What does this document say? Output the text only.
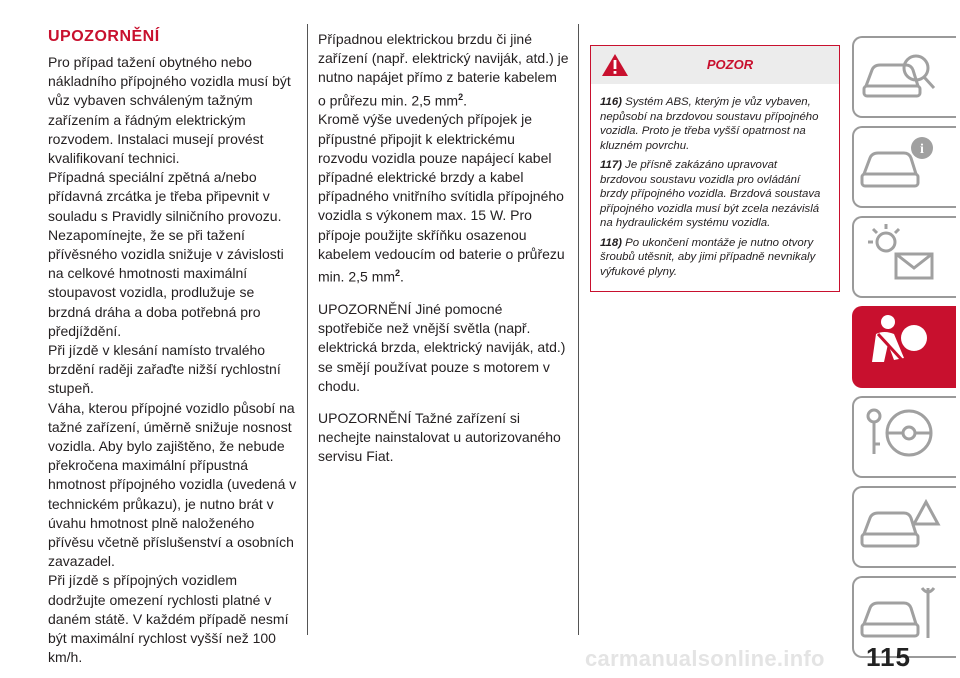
UPOZORNĚNÍ

Pro případ tažení obytného nebo

nákladního přípojného vozidla musí být

vůz vybaven schváleným tažným

zařízením a řádným elektrickým

rozvodem. Instalaci musejí provést

kvalifikovaní technici.

Případná speciální zpětná a/nebo

přídavná zrcátka je třeba připevnit v

souladu s Pravidly silničního provozu.

Nezapomínejte, že se při tažení

přívěsného vozidla snižuje v závislosti

na celkové hmotnosti maximální

stoupavost vozidla, prodlužuje se

brzdná dráha a doba potřebná pro

předjíždění.

Při jízdě v klesání namísto trvalého

brzdění raději zařaďte nižší rychlostní

stupeň.

Váha, kterou přípojné vozidlo působí na

tažné zařízení, úměrně snižuje nosnost

vozidla. Aby bylo zajištěno, že nebude

překročena maximální přípustná

hmotnost přípojného vozidla (uvedená v

technickém průkazu), je nutno brát v

úvahu hmotnost plně naloženého

přívěsu včetně příslušenství a osobních

zavazadel.

Při jízdě s přípojných vozidlem

dodržujte omezení rychlosti platné v

daném státě. V každém případě nesmí

být maximální rychlost vyšší než 100

km/h.

Případnou elektrickou brzdu či jiné
zařízení (např. elektrický naviják, atd.) je
nutno napájet přímo z baterie kabelem
o průřezu min. 2,5 $mm^2$.
Kromě výše uvedených přípojek je
přípustné připojit k elektrickému
rozvodu vozidla pouze napájecí kabel
případné elektrické brzdy a kabel
případného vnitřního svítidla přípojného
vozidla s výkonem max. 15 W. Pro
přípoje použijte skříňku osazenou
kabelem vedoucím od baterie o průřezu
min. 2,5 $mm^2$.

UPOZORNĚNÍ Jiné pomocné
spotřebiče než vnější světla (např.
elektrická brzda, elektrický naviják, atd.)
se smějí používat pouze s motorem v
chodu.

UPOZORNĚNÍ Tažné zařízení si
nechejte nainstalovat u autorizovaného
servisu Fiat.

POZOR

116) Systém ABS, kterým je vůz vybaven,
nepůsobí na brzdovou soustavu přípojného
vozidla. Proto je třeba vyšší opatrnost na
kluzném povrchu.

117) Je přísně zakázáno upravovat
brzdovou soustavu vozidla pro ovládání
brzdy přípojného vozidla. Brzdová soustava
přípojného vozidla musí být zcela nezávislá
na hydraulickém systému vozidla.

118) Po ukončení montáže je nutno otvory
šroubů utěsnit, aby jimi případně nevnikaly
výfukové plyny.

i
115
carmanualsonline.info
